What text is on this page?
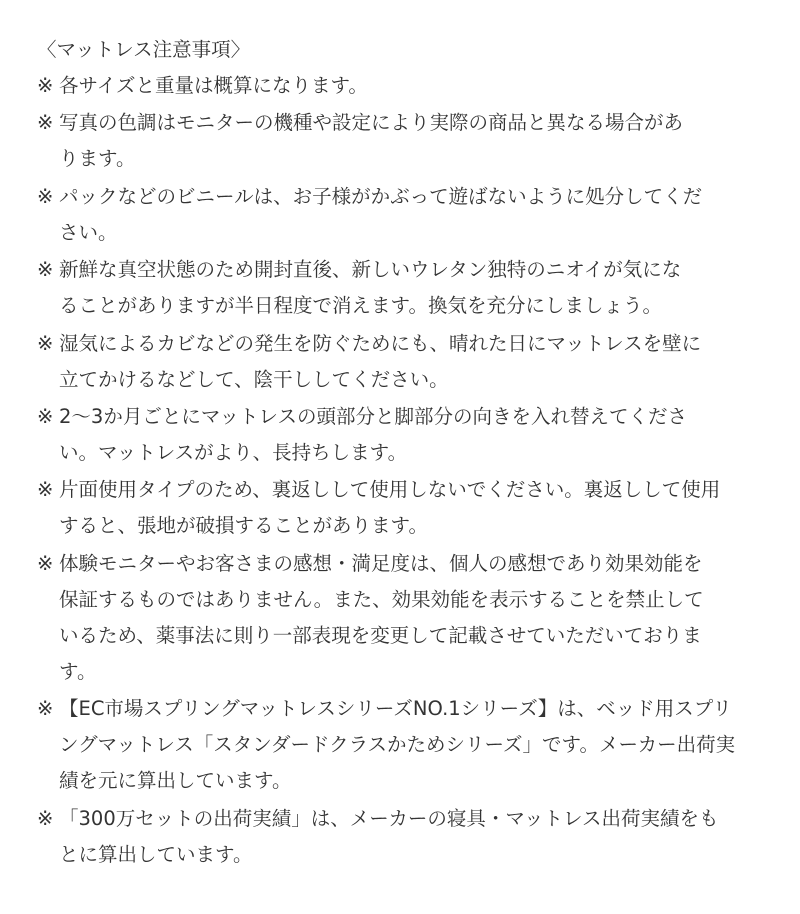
〈マットレス注意事項〉
※ 各サイズと重量は概算になります。
※ 写真の色調はモニターの機種や設定により実際の商品と異なる場合があ
ります。
※ パックなどのビニールは、お子様がかぶって遊ばないように処分してくだ
さい。
※ 新鮮な真空状態のため開封直後、新しいウレタン独特のニオイが気にな
ることがありますが半日程度で消えます。換気を充分にしましょう。
※ 湿気によるカビなどの発生を防ぐためにも、晴れた日にマットレスを壁に
立てかけるなどして、陰干ししてください。
※ 2〜3か月ごとにマットレスの頭部分と脚部分の向きを入れ替えてくださ
い。マットレスがより、長持ちします。
※ 片面使用タイプのため、裏返しして使用しないでください。裏返しして使用
すると、張地が破損することがあります。
※ 体験モニターやお客さまの感想・満足度は、個人の感想であり効果効能を
保証するものではありません。また、効果効能を表示することを禁止して
いるため、薬事法に則り一部表現を変更して記載させていただいておりま
す。
※ 【EC市場スプリングマットレスシリーズNO.1シリーズ】は、ベッド用スプリ
ングマットレス「スタンダードクラスかためシリーズ」です。メーカー出荷実
績を元に算出しています。
※ 「300万セットの出荷実績」は、メーカーの寝具・マットレス出荷実績をも
とに算出しています。
